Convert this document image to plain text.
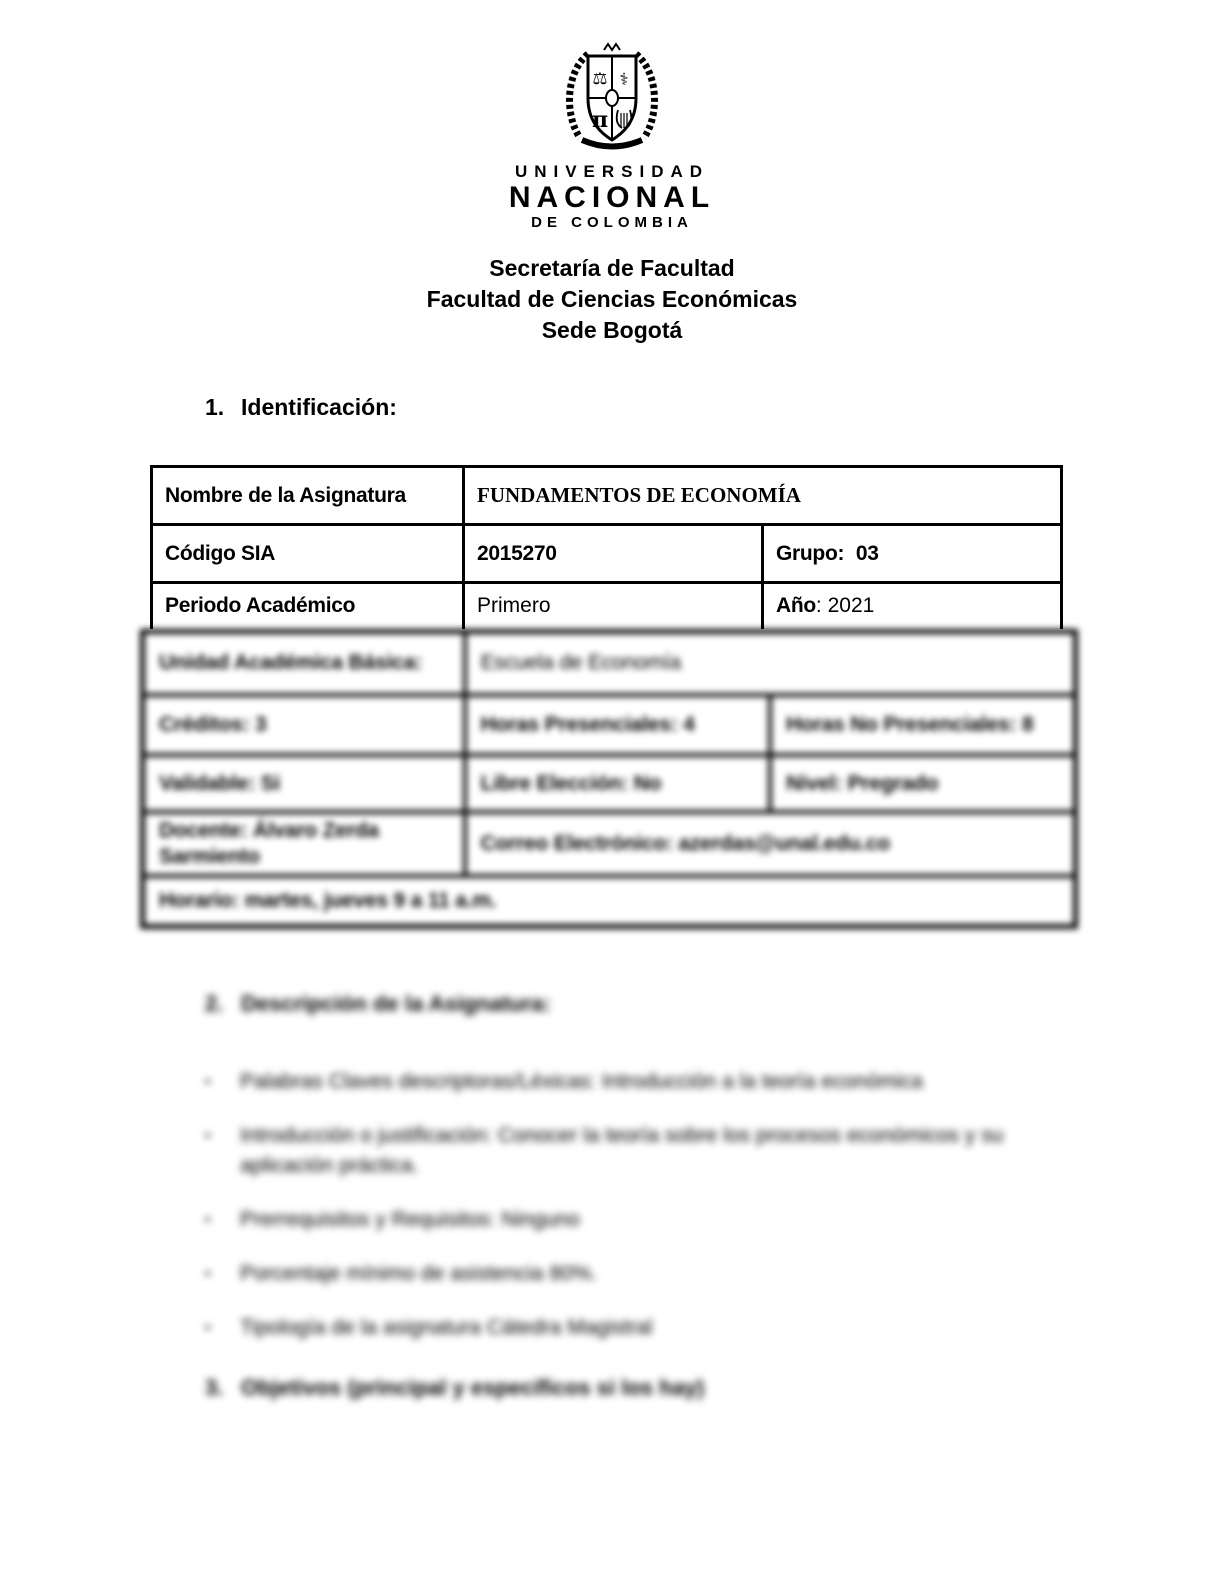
⚖ ⚕
π
UNIVERSIDAD
NACIONAL
DE COLOMBIA
Secretaría de Facultad
Facultad de Ciencias Económicas
Sede Bogotá
1. Identificación:
Nombre de la Asignatura	FUNDAMENTOS DE ECONOMÍA	
Código SIA	2015270	Grupo: 03
Periodo Académico	Primero	Año: 2021
Unidad Académica Básica:	Escuela de Economía	
Créditos: 3	Horas Presenciales: 4	Horas No Presenciales: 8
Validable: Si	Libre Elección: No	Nivel: Pregrado
Docente: Álvaro Zerda Sarmiento	Correo Electrónico: azerdas@unal.edu.co	
Horario: martes, jueves 9 a 11 a.m.		
2. Descripción de la Asignatura:
▪	Palabras Claves descriptoras/Léxicas: Introducción a la teoría económica
▪	Introducción o justificación: Conocer la teoría sobre los procesos económicos y su aplicación práctica.
▪	Prerrequisitos y Requisitos: Ninguno
▪	Porcentaje mínimo de asistencia 80%.
▪	Tipología de la asignatura Cátedra Magistral
3. Objetivos (principal y específicos si los hay)
